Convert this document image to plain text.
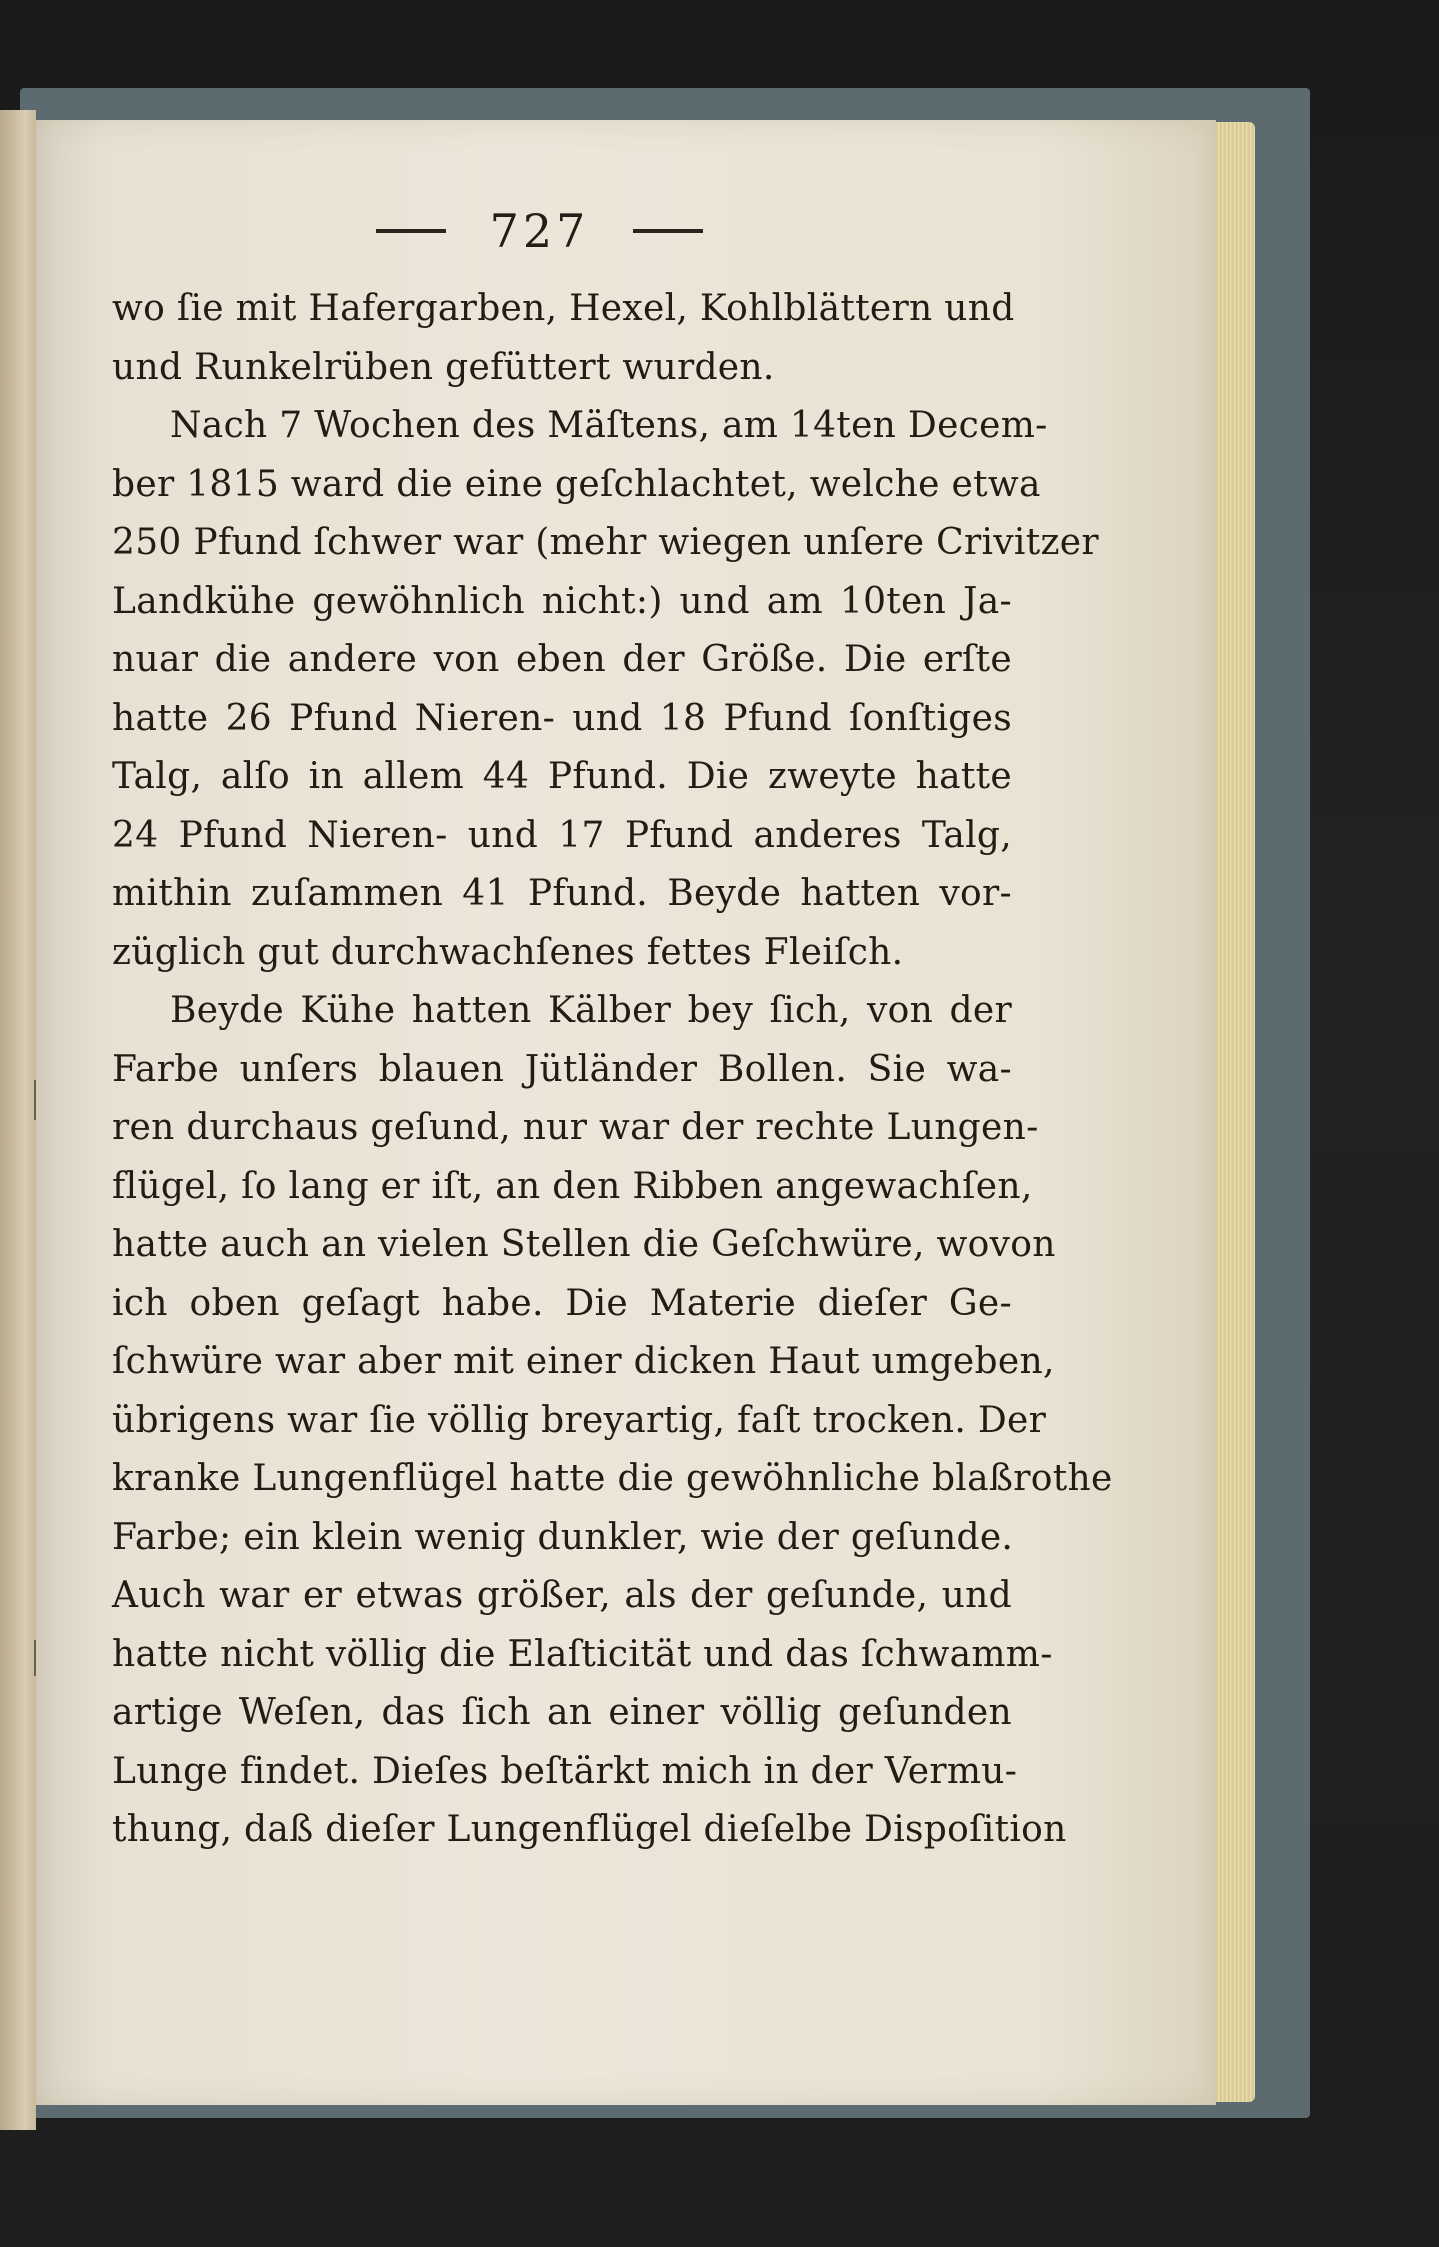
727
wo ſie mit Hafergarben, Hexel, Kohlblättern und
und Runkelrüben gefüttert wurden.
Nach 7 Wochen des Mäſtens, am 14ten Decem-
ber 1815 ward die eine geſchlachtet, welche etwa
250 Pfund ſchwer war (mehr wiegen unſere Crivitzer
Landkühe gewöhnlich nicht:) und am 10ten Ja-
nuar die andere von eben der Größe. Die erſte
hatte 26 Pfund Nieren- und 18 Pfund ſonſtiges
Talg, alſo in allem 44 Pfund. Die zweyte hatte
24 Pfund Nieren- und 17 Pfund anderes Talg,
mithin zuſammen 41 Pfund. Beyde hatten vor-
züglich gut durchwachſenes fettes Fleiſch.
Beyde Kühe hatten Kälber bey ſich, von der
Farbe unſers blauen Jütländer Bollen. Sie wa-
ren durchaus geſund, nur war der rechte Lungen-
flügel, ſo lang er iſt, an den Ribben angewachſen,
hatte auch an vielen Stellen die Geſchwüre, wovon
ich oben geſagt habe. Die Materie dieſer Ge-
ſchwüre war aber mit einer dicken Haut umgeben,
übrigens war ſie völlig breyartig, faſt trocken. Der
kranke Lungenflügel hatte die gewöhnliche blaßrothe
Farbe; ein klein wenig dunkler, wie der geſunde.
Auch war er etwas größer, als der geſunde, und
hatte nicht völlig die Elaſticität und das ſchwamm-
artige Weſen, das ſich an einer völlig geſunden
Lunge findet. Dieſes beſtärkt mich in der Vermu-
thung, daß dieſer Lungenflügel dieſelbe Dispoſition
